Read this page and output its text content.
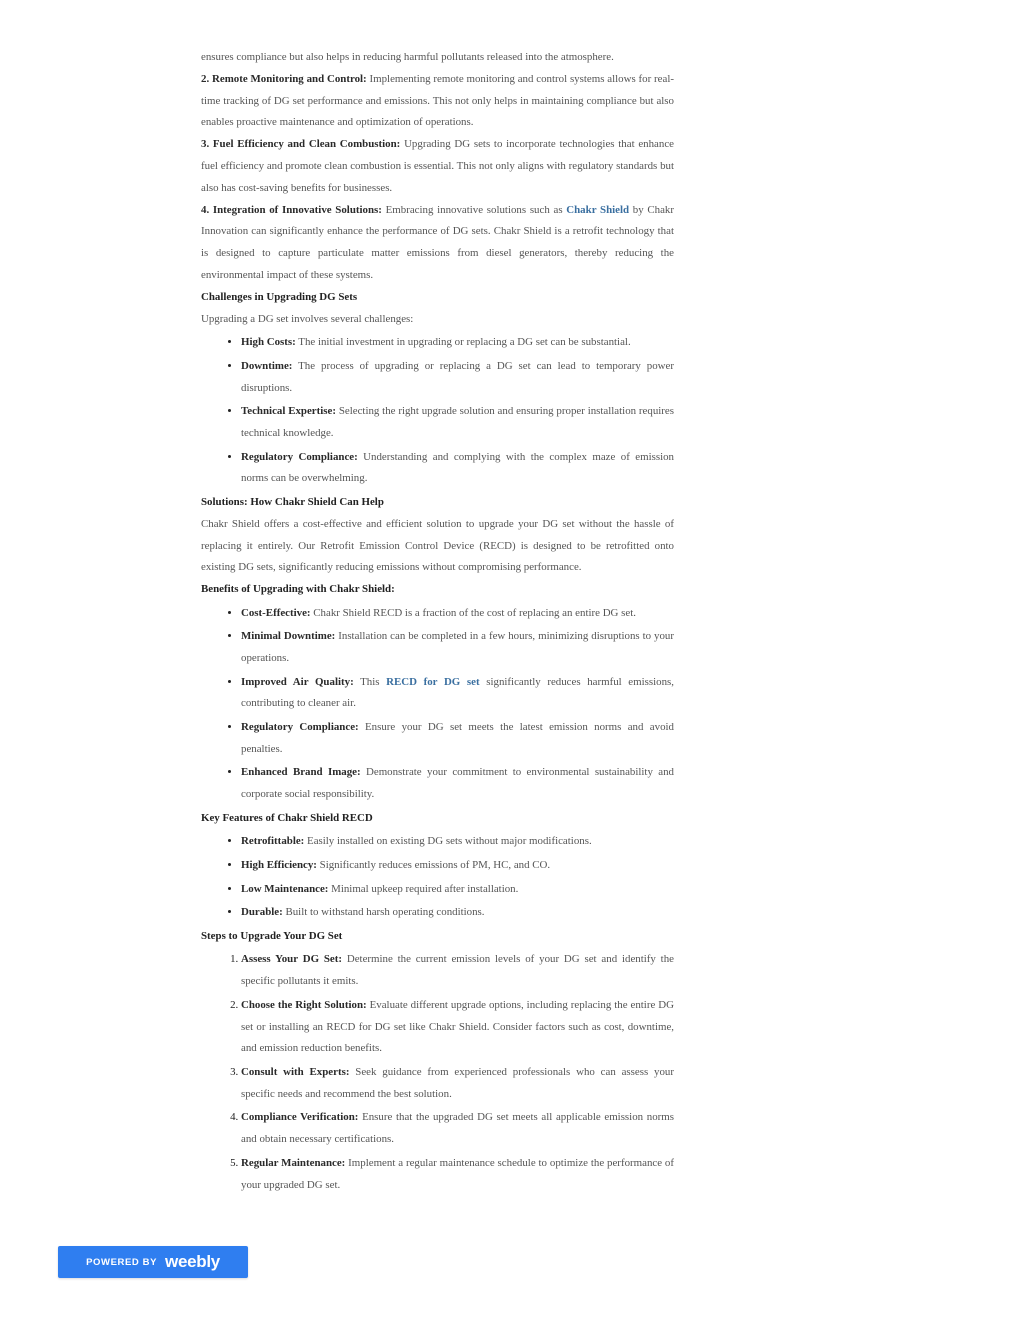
ensures compliance but also helps in reducing harmful pollutants released into the atmosphere.

2. Remote Monitoring and Control: Implementing remote monitoring and control systems allows for real-time tracking of DG set performance and emissions. This not only helps in maintaining compliance but also enables proactive maintenance and optimization of operations.

3. Fuel Efficiency and Clean Combustion: Upgrading DG sets to incorporate technologies that enhance fuel efficiency and promote clean combustion is essential. This not only aligns with regulatory standards but also has cost-saving benefits for businesses.

4. Integration of Innovative Solutions: Embracing innovative solutions such as Chakr Shield by Chakr Innovation can significantly enhance the performance of DG sets. Chakr Shield is a retrofit technology that is designed to capture particulate matter emissions from diesel generators, thereby reducing the environmental impact of these systems.

Challenges in Upgrading DG Sets

Upgrading a DG set involves several challenges:

• High Costs: The initial investment in upgrading or replacing a DG set can be substantial.
• Downtime: The process of upgrading or replacing a DG set can lead to temporary power disruptions.
• Technical Expertise: Selecting the right upgrade solution and ensuring proper installation requires technical knowledge.
• Regulatory Compliance: Understanding and complying with the complex maze of emission norms can be overwhelming.
Solutions: How Chakr Shield Can Help

Chakr Shield offers a cost-effective and efficient solution to upgrade your DG set without the hassle of replacing it entirely. Our Retrofit Emission Control Device (RECD) is designed to be retrofitted onto existing DG sets, significantly reducing emissions without compromising performance.

Benefits of Upgrading with Chakr Shield:
• Cost-Effective: Chakr Shield RECD is a fraction of the cost of replacing an entire DG set.
• Minimal Downtime: Installation can be completed in a few hours, minimizing disruptions to your operations.
• Improved Air Quality: This RECD for DG set significantly reduces harmful emissions, contributing to cleaner air.
• Regulatory Compliance: Ensure your DG set meets the latest emission norms and avoid penalties.
• Enhanced Brand Image: Demonstrate your commitment to environmental sustainability and corporate social responsibility.
Key Features of Chakr Shield RECD
• Retrofittable: Easily installed on existing DG sets without major modifications.
• High Efficiency: Significantly reduces emissions of PM, HC, and CO.
• Low Maintenance: Minimal upkeep required after installation.
• Durable: Built to withstand harsh operating conditions.
Steps to Upgrade Your DG Set
1. Assess Your DG Set: Determine the current emission levels of your DG set and identify the specific pollutants it emits.
2. Choose the Right Solution: Evaluate different upgrade options, including replacing the entire DG set or installing an RECD for DG set like Chakr Shield. Consider factors such as cost, downtime, and emission reduction benefits.
3. Consult with Experts: Seek guidance from experienced professionals who can assess your specific needs and recommend the best solution.
4. Compliance Verification: Ensure that the upgraded DG set meets all applicable emission norms and obtain necessary certifications.
5. Regular Maintenance: Implement a regular maintenance schedule to optimize the performance of your upgraded DG set.
POWERED BY weebly
